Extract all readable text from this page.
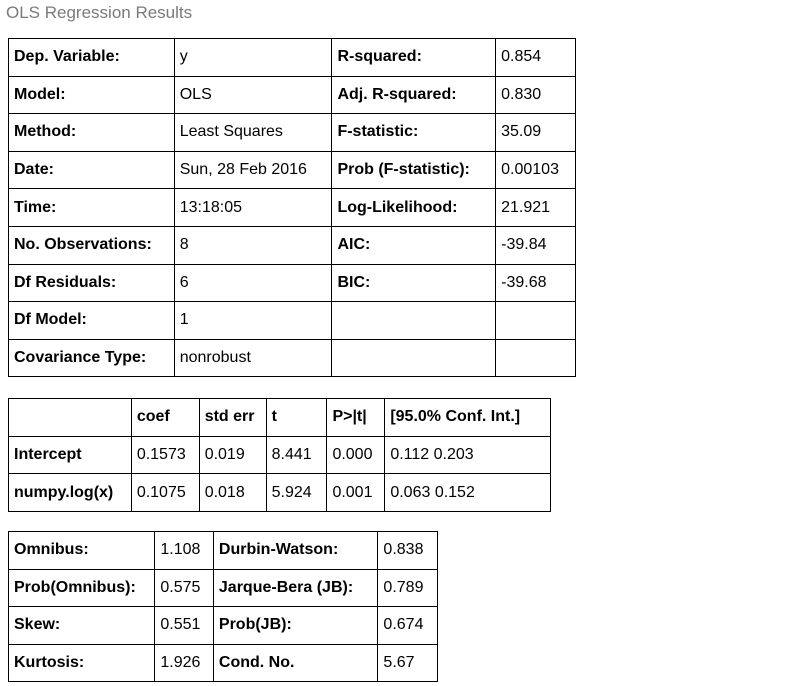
OLS Regression Results
Dep. Variable:	y	R-squared:	0.854
Model:	OLS	Adj. R-squared:	0.830
Method:	Least Squares	F-statistic:	35.09
Date:	Sun, 28 Feb 2016	Prob (F-statistic):	0.00103
Time:	13:18:05	Log-Likelihood:	21.921
No. Observations:	8	AIC:	-39.84
Df Residuals:	6	BIC:	-39.68
Df Model:	1		
Covariance Type:	nonrobust		
	coef	std err	t	P>|t|	[95.0% Conf. Int.]
Intercept	0.1573	0.019	8.441	0.000	0.112 0.203
numpy.log(x)	0.1075	0.018	5.924	0.001	0.063 0.152
Omnibus:	1.108	Durbin-Watson:	0.838
Prob(Omnibus):	0.575	Jarque-Bera (JB):	0.789
Skew:	0.551	Prob(JB):	0.674
Kurtosis:	1.926	Cond. No.	5.67
